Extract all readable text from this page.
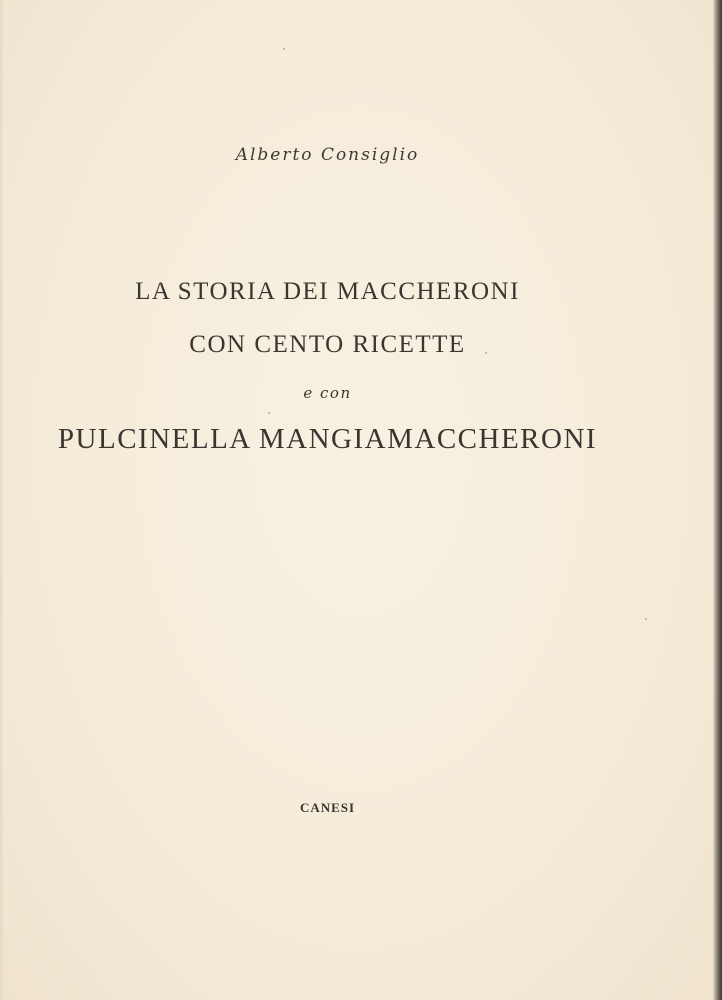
Alberto Consiglio
LA STORIA DEI MACCHERONI
CON CENTO RICETTE
e con
PULCINELLA MANGIAMACCHERONI
CANESI
